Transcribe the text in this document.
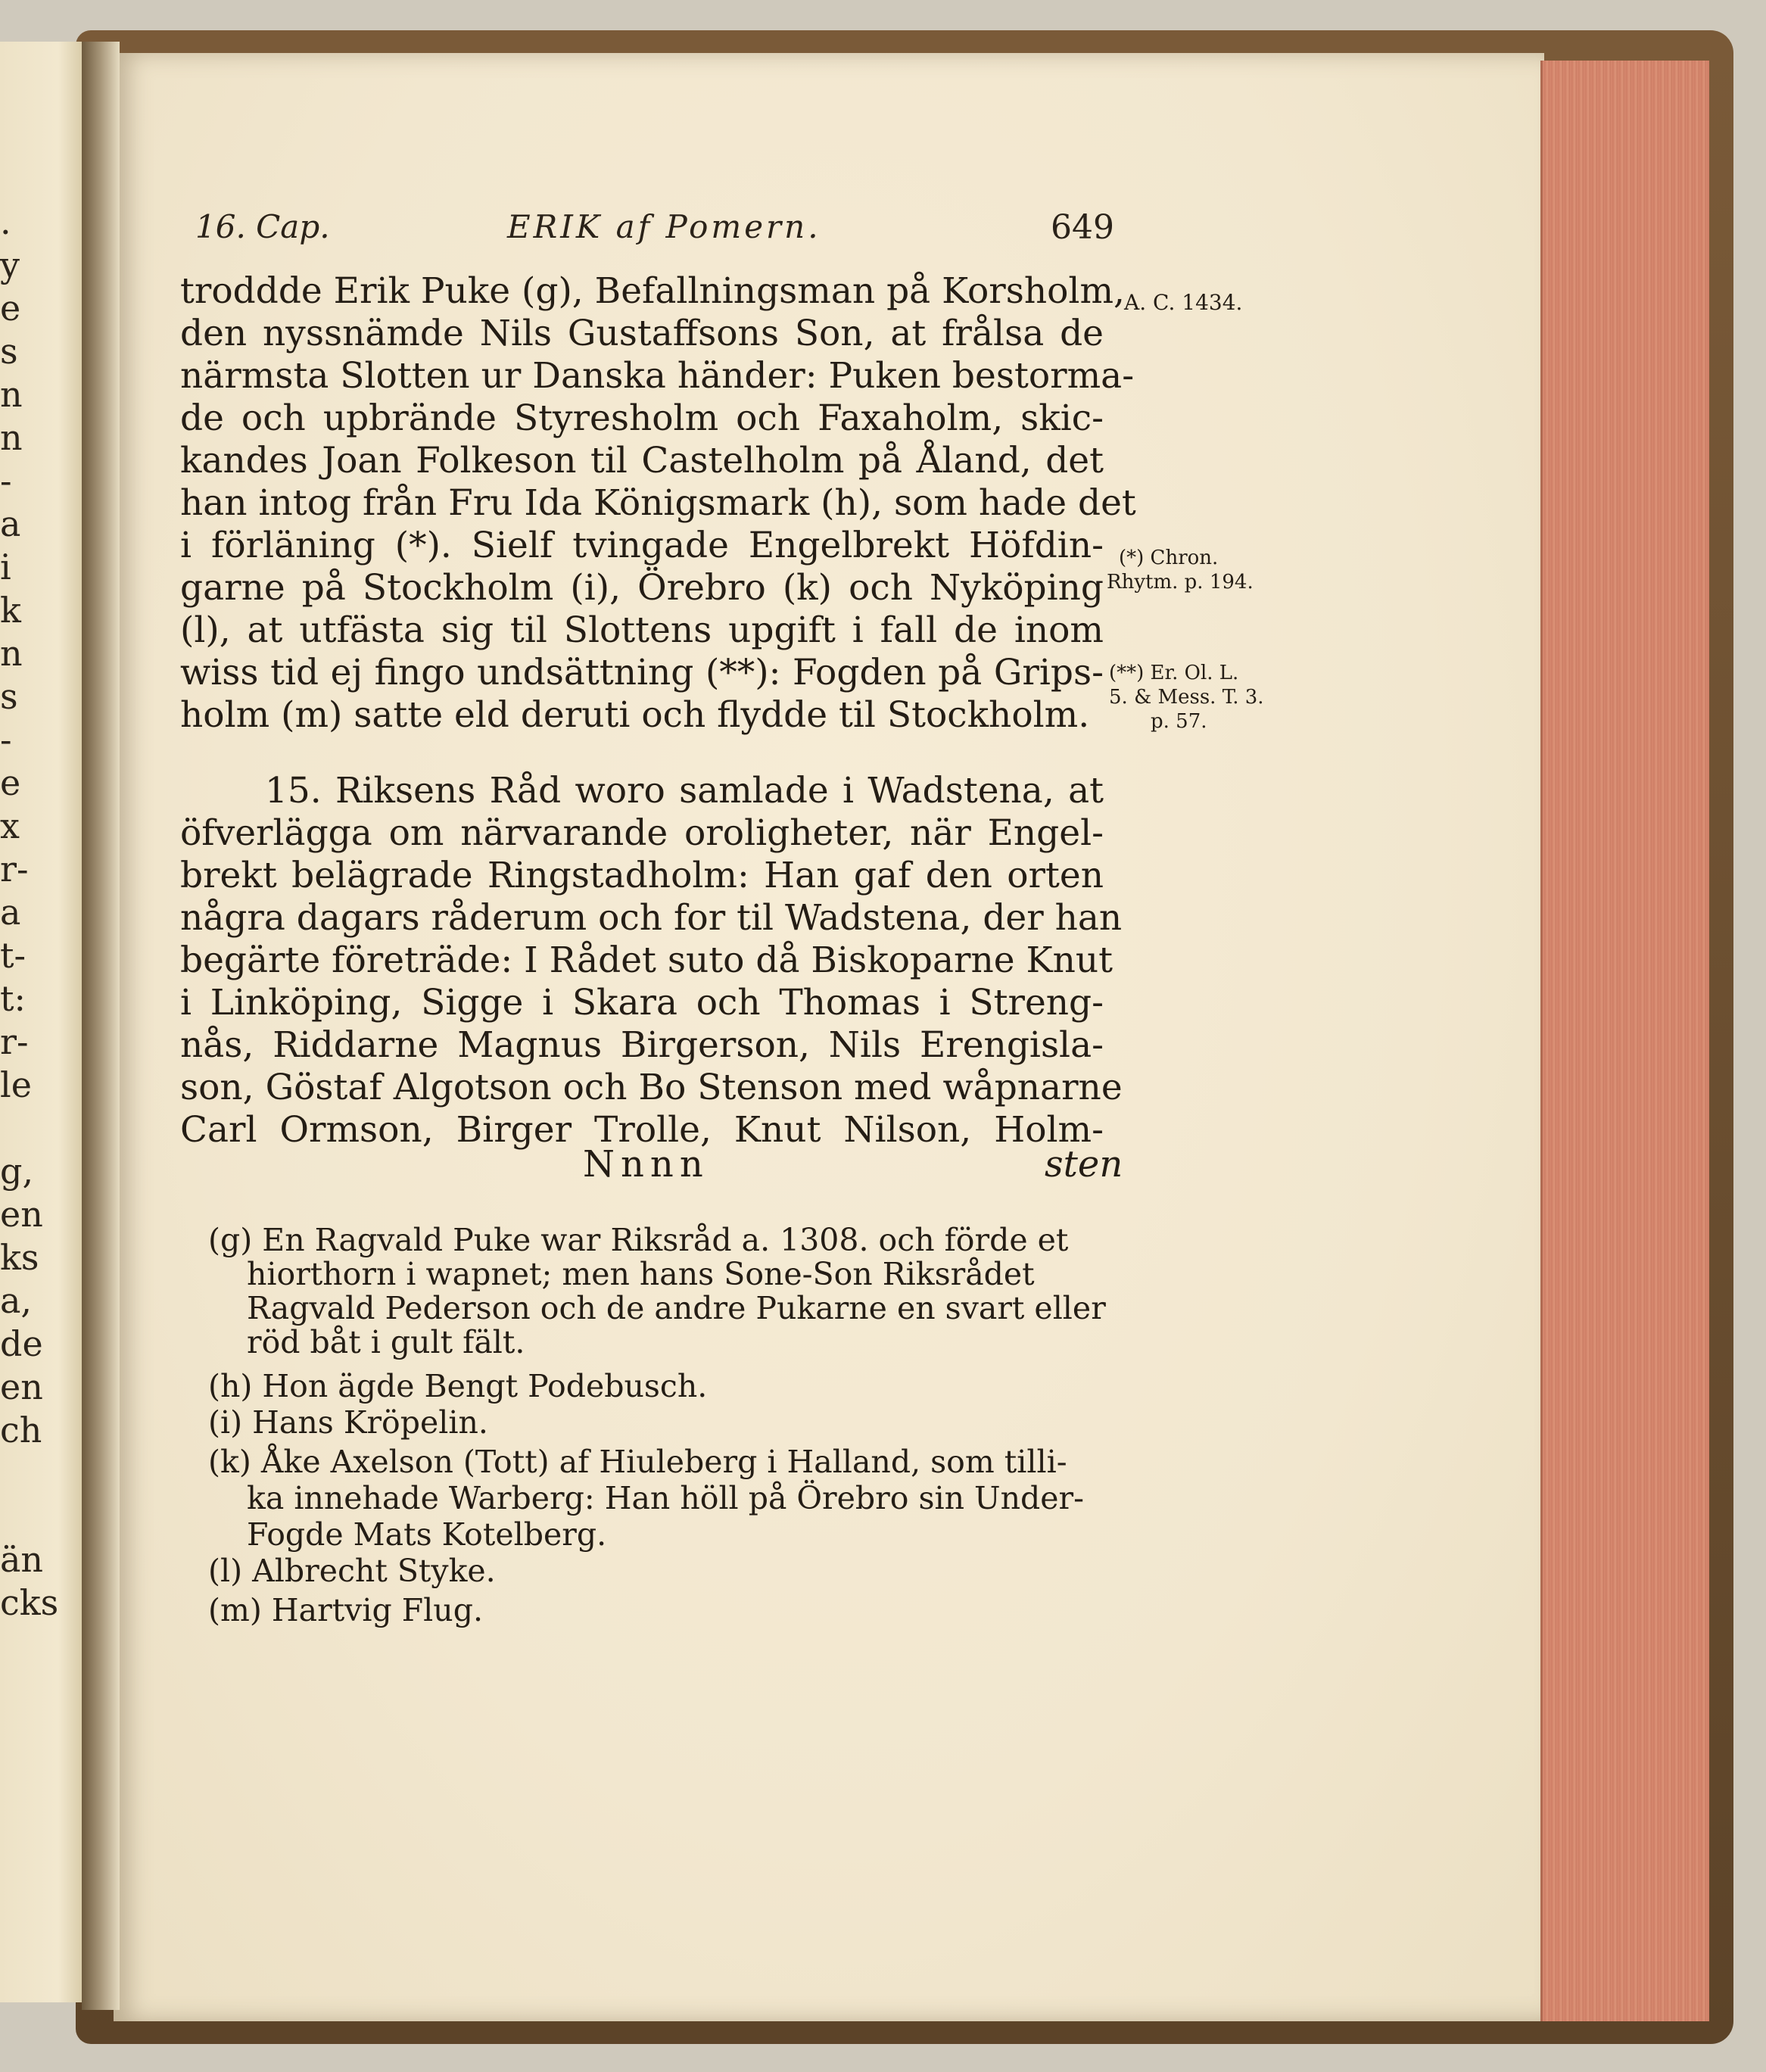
.
y
e
s
n
n
-
a
i
k
n
s
-
e
x
r-
a
t-
t:
r-
le
g,
en
ks
a,
de
en
ch
än
cks
16. Cap.	ERIK af Pomern.	649
troddde Erik Puke (g), Befallningsman på Korsholm,
den nyssnämde Nils Gustaffsons Son, at frålsa de
närmsta Slotten ur Danska händer: Puken bestorma-
de och upbrände Styresholm och Faxaholm, skic-
kandes Joan Folkeson til Castelholm på Åland, det
han intog från Fru Ida Königsmark (h), som hade det
i förläning (*). Sielf tvingade Engelbrekt Höfdin-
garne på Stockholm (i), Örebro (k) och Nyköping
(l), at utfästa sig til Slottens upgift i fall de inom
wiss tid ej fingo undsättning (**): Fogden på Grips-
holm (m) satte eld deruti och flydde til Stockholm.
15. Riksens Råd woro samlade i Wadstena, at
öfverlägga om närvarande oroligheter, när Engel-
brekt belägrade Ringstadholm: Han gaf den orten
några dagars råderum och for til Wadstena, der han
begärte företräde: I Rådet suto då Biskoparne Knut
i Linköping, Sigge i Skara och Thomas i Streng-
nås, Riddarne Magnus Birgerson, Nils Erengisla-
son, Göstaf Algotson och Bo Stenson med wåpnarne
Carl Ormson, Birger Trolle, Knut Nilson, Holm-
Nnnn	sten
(g) En Ragvald Puke war Riksråd a. 1308. och förde et
hiorthorn i wapnet; men hans Sone-Son Riksrådet
Ragvald Pederson och de andre Pukarne en svart eller
röd båt i gult fält.
(h) Hon ägde Bengt Podebusch.
(i) Hans Kröpelin.
(k) Åke Axelson (Tott) af Hiuleberg i Halland, som tilli-
ka innehade Warberg: Han höll på Örebro sin Under-
Fogde Mats Kotelberg.
(l) Albrecht Styke.
(m) Hartvig Flug.
A. C. 1434.
(*) Chron.
Rhytm. p. 194.
(**) Er. Ol. L.
5. & Mess. T. 3.
p. 57.
